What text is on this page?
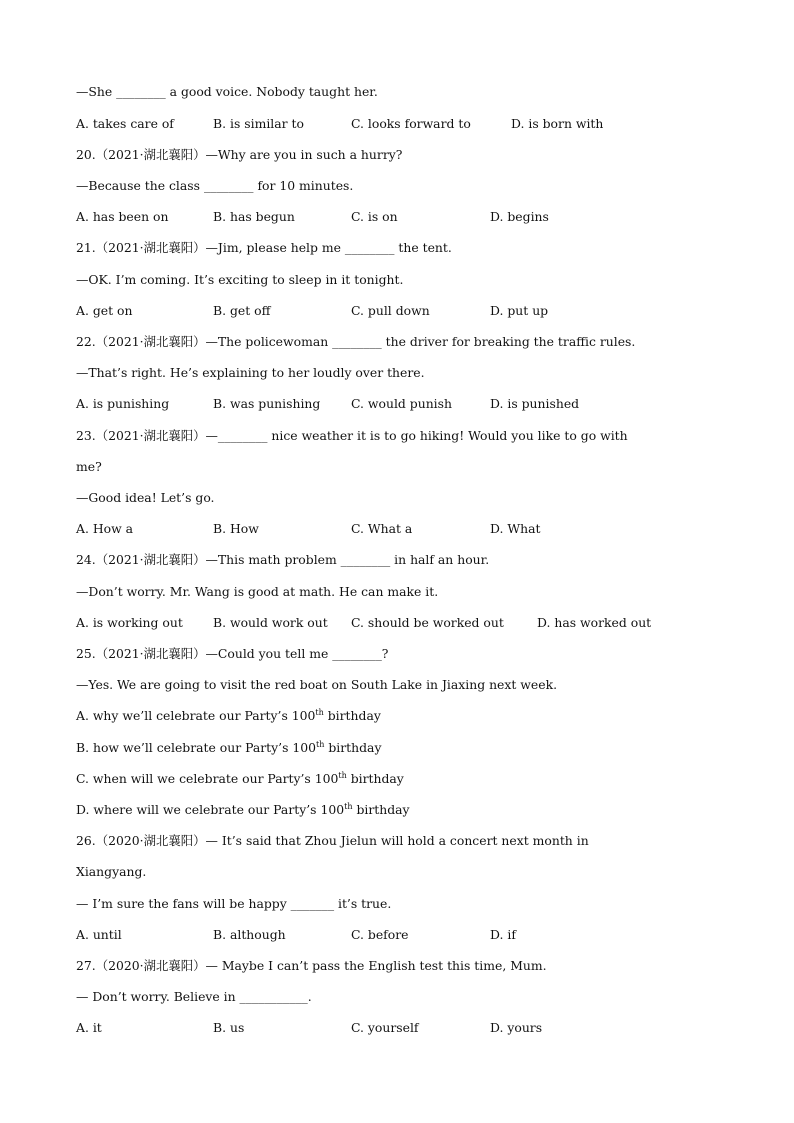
—She ________ a good voice. Nobody taught her.

A. takes care of

	B. is similar to

	C. looks forward to

	D. is born with

20.（2021·湖北襄阳）—Why are you in such a hurry?
—Because the class ________ for 10 minutes.

A. has been on

	B. has begun

	C. is on

	D. begins

21.（2021·湖北襄阳）—Jim, please help me ________ the tent.
—OK. I’m coming. It’s exciting to sleep in it tonight.

A. get on

	B. get off

	C. pull down

	D. put up

22.（2021·湖北襄阳）—The policewoman ________ the driver for breaking the traffic rules.
—That’s right. He’s explaining to her loudly over there.

A. is punishing

	B. was punishing

C. would punish

	D. is punished

23.（2021·湖北襄阳）—________ nice weather it is to go hiking! Would you like to go with
me?
—Good idea! Let’s go.

A. How a

	B. How

	C. What a

	D. What

24.（2021·湖北襄阳）—This math problem ________ in half an hour.
—Don’t worry. Mr. Wang is good at math. He can make it.

A. is working out

B. would work out

C. should be worked out

	D. has worked out

25.（2021·湖北襄阳）—Could you tell me ________?
—Yes. We are going to visit the red boat on South Lake in Jiaxing next week.
A. why we’ll celebrate our Party’s 100th birthday
B. how we’ll celebrate our Party’s 100th birthday
C. when will we celebrate our Party’s 100th birthday
D. where will we celebrate our Party’s 100th birthday
26.（2020·湖北襄阳）— It’s said that Zhou Jielun will hold a concert next month in
Xiangyang.
— I’m sure the fans will be happy _______ it’s true.

A. until

	B. although

	C. before

	D. if

27.（2020·湖北襄阳）— Maybe I can’t pass the English test this time, Mum.
— Don’t worry. Believe in ___________.

A. it

	B. us

	C. yourself

	D. yours
